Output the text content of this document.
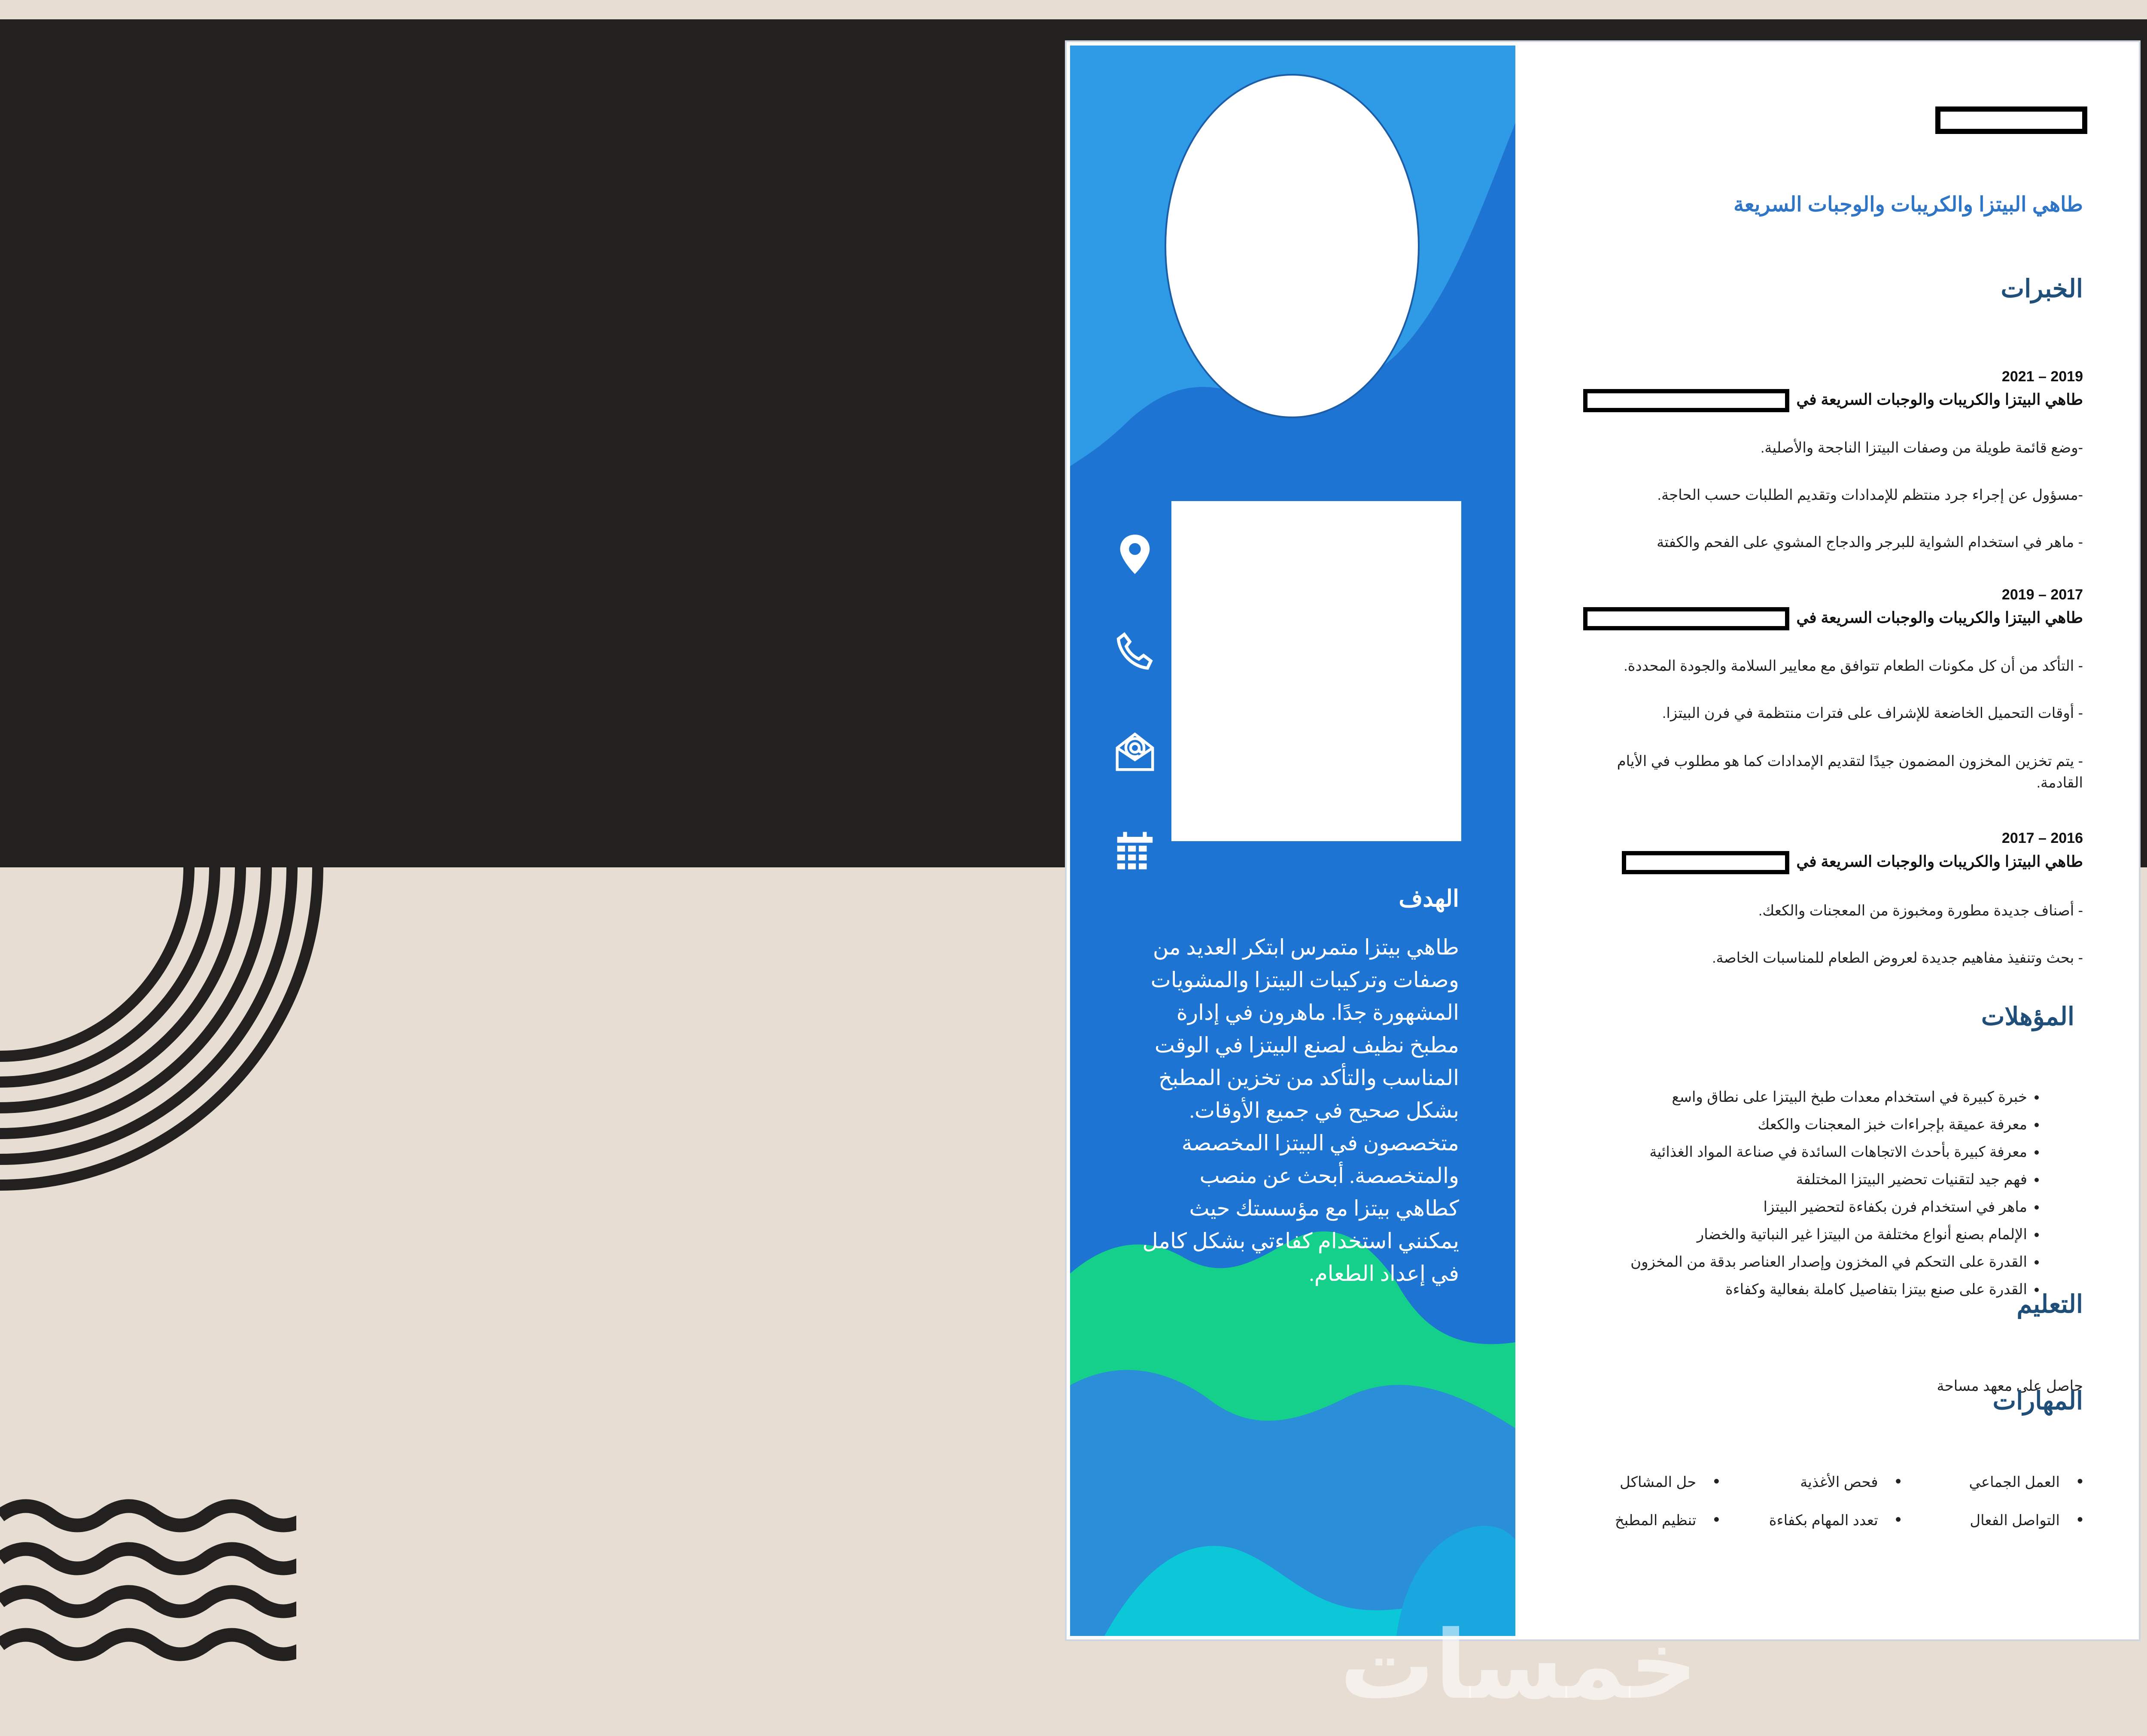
الهدف
طاهي بيتزا متمرس ابتكر العديد من وصفات وتركيبات البيتزا والمشويات المشهورة جدًا. ماهرون في إدارة مطبخ نظيف لصنع البيتزا في الوقت المناسب والتأكد من تخزين المطبخ بشكل صحيح في جميع الأوقات. متخصصون في البيتزا المخصصة والمتخصصة. أبحث عن منصب كطاهي بيتزا مع مؤسستك حيث يمكنني استخدام كفاءتي بشكل كامل في إعداد الطعام.
طاهي البيتزا والكريبات والوجبات السريعة
الخبرات
2019 – 2021
طاهي البيتزا والكريبات والوجبات السريعة في
-وضع قائمة طويلة من وصفات البيتزا الناجحة والأصلية.
-مسؤول عن إجراء جرد منتظم للإمدادات وتقديم الطلبات حسب الحاجة.
- ماهر في استخدام الشواية للبرجر والدجاج المشوي على الفحم والكفتة
2017 – 2019
طاهي البيتزا والكريبات والوجبات السريعة في
- التأكد من أن كل مكونات الطعام تتوافق مع معايير السلامة والجودة المحددة.
- أوقات التحميل الخاضعة للإشراف على فترات منتظمة في فرن البيتزا.
- يتم تخزين المخزون المضمون جيدًا لتقديم الإمدادات كما هو مطلوب في الأيام القادمة.
2016 – 2017
طاهي البيتزا والكريبات والوجبات السريعة في
- أصناف جديدة مطورة ومخبوزة من المعجنات والكعك.
- بحث وتنفيذ مفاهيم جديدة لعروض الطعام للمناسبات الخاصة.
المؤهلات
• خبرة كبيرة في استخدام معدات طبخ البيتزا على نطاق واسع
• معرفة عميقة بإجراءات خبز المعجنات والكعك
• معرفة كبيرة بأحدث الاتجاهات السائدة في صناعة المواد الغذائية
• فهم جيد لتقنيات تحضير البيتزا المختلفة
• ماهر في استخدام فرن بكفاءة لتحضير البيتزا
• الإلمام بصنع أنواع مختلفة من البيتزا غير النباتية والخضار
• القدرة على التحكم في المخزون وإصدار العناصر بدقة من المخزون
• القدرة على صنع بيتزا بتفاصيل كاملة بفعالية وكفاءة
التعليم
حاصل على معهد مساحة
المهارات
• العمل الجماعي
• فحص الأغذية
• حل المشاكل
• التواصل الفعال
• تعدد المهام بكفاءة
• تنظيم المطبخ
خمسات
